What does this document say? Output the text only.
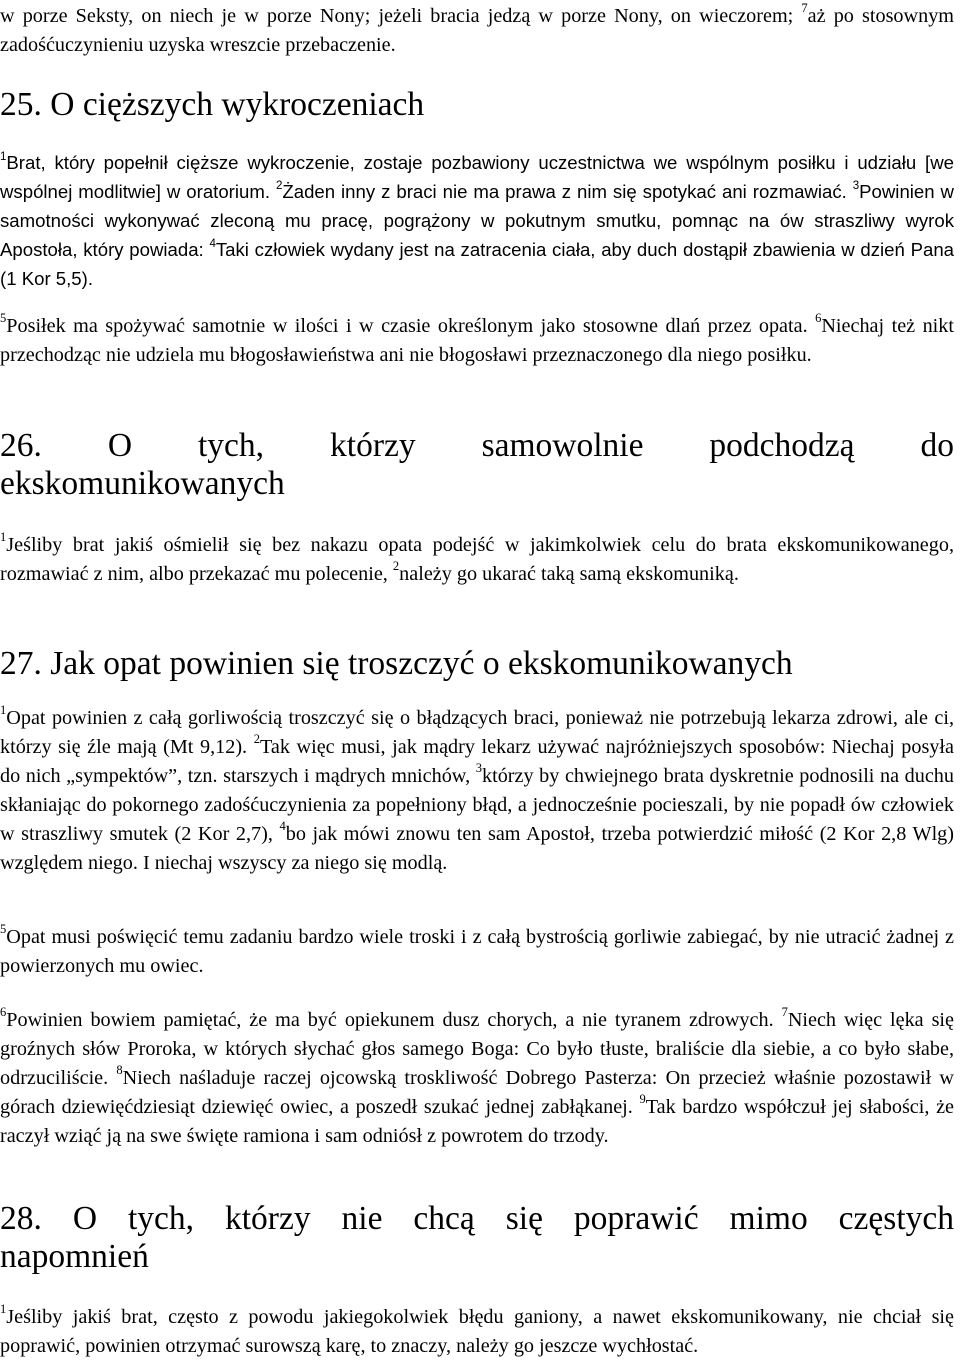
w porze Seksty, on niech je w porze Nony; jeżeli bracia jedzą w porze Nony, on wieczorem; $^7$aż po stosownym zadośćuczynieniu uzyska wreszcie przebaczenie.

25. O cięższych wykroczeniach

$^1$Brat, który popełnił cięższe wykroczenie, zostaje pozbawiony uczestnictwa we wspólnym posiłku i udziału [we wspólnej modlitwie] w oratorium. $^2$Żaden inny z braci nie ma prawa z nim się spotykać ani rozmawiać. $^3$Powinien w samotności wykonywać zleconą mu pracę, pogrążony w pokutnym smutku, pomnąc na ów straszliwy wyrok Apostoła, który powiada: $^4$Taki człowiek wydany jest na zatracenia ciała, aby duch dostąpił zbawienia w dzień Pana (1 Kor 5,5).

$^5$Posiłek ma spożywać samotnie w ilości i w czasie określonym jako stosowne dlań przez opata. $^6$Niechaj też nikt przechodząc nie udziela mu błogosławieństwa ani nie błogosławi przeznaczonego dla niego posiłku.

26. O tych, którzy samowolnie podchodzą do
ekskomunikowanych

$^1$Jeśliby brat jakiś ośmielił się bez nakazu opata podejść w jakimkolwiek celu do brata ekskomunikowanego, rozmawiać z nim, albo przekazać mu polecenie, $^2$należy go ukarać taką samą ekskomuniką.

27. Jak opat powinien się troszczyć o ekskomunikowanych

$^1$Opat powinien z całą gorliwością troszczyć się o błądzących braci, ponieważ nie potrzebują lekarza zdrowi, ale ci, którzy się źle mają (Mt 9,12). $^2$Tak więc musi, jak mądry lekarz używać najróżniejszych sposobów: Niechaj posyła do nich „sympektów”, tzn. starszych i mądrych mnichów, $^3$którzy by chwiejnego brata dyskretnie podnosili na duchu skłaniając do pokornego zadośćuczynienia za popełniony błąd, a jednocześnie pocieszali, by nie popadł ów człowiek w straszliwy smutek (2 Kor 2,7), $^4$bo jak mówi znowu ten sam Apostoł, trzeba potwierdzić miłość (2 Kor 2,8 Wlg) względem niego. I niechaj wszyscy za niego się modlą.

$^5$Opat musi poświęcić temu zadaniu bardzo wiele troski i z całą bystrością gorliwie zabiegać, by nie utracić żadnej z powierzonych mu owiec.

$^6$Powinien bowiem pamiętać, że ma być opiekunem dusz chorych, a nie tyranem zdrowych. $^7$Niech więc lęka się groźnych słów Proroka, w których słychać głos samego Boga: Co było tłuste, braliście dla siebie, a co było słabe, odrzuciliście. $^8$Niech naśladuje raczej ojcowską troskliwość Dobrego Pasterza: On przecież właśnie pozostawił w górach dziewięćdziesiąt dziewięć owiec, a poszedł szukać jednej zabłąkanej. $^9$Tak bardzo współczuł jej słabości, że raczył wziąć ją na swe święte ramiona i sam odniósł z powrotem do trzody.

28. O tych, którzy nie chcą się poprawić mimo częstych
napomnień

$^1$Jeśliby jakiś brat, często z powodu jakiegokolwiek błędu ganiony, a nawet ekskomunikowany, nie chciał się poprawić, powinien otrzymać surowszą karę, to znaczy, należy go jeszcze wychłostać.
